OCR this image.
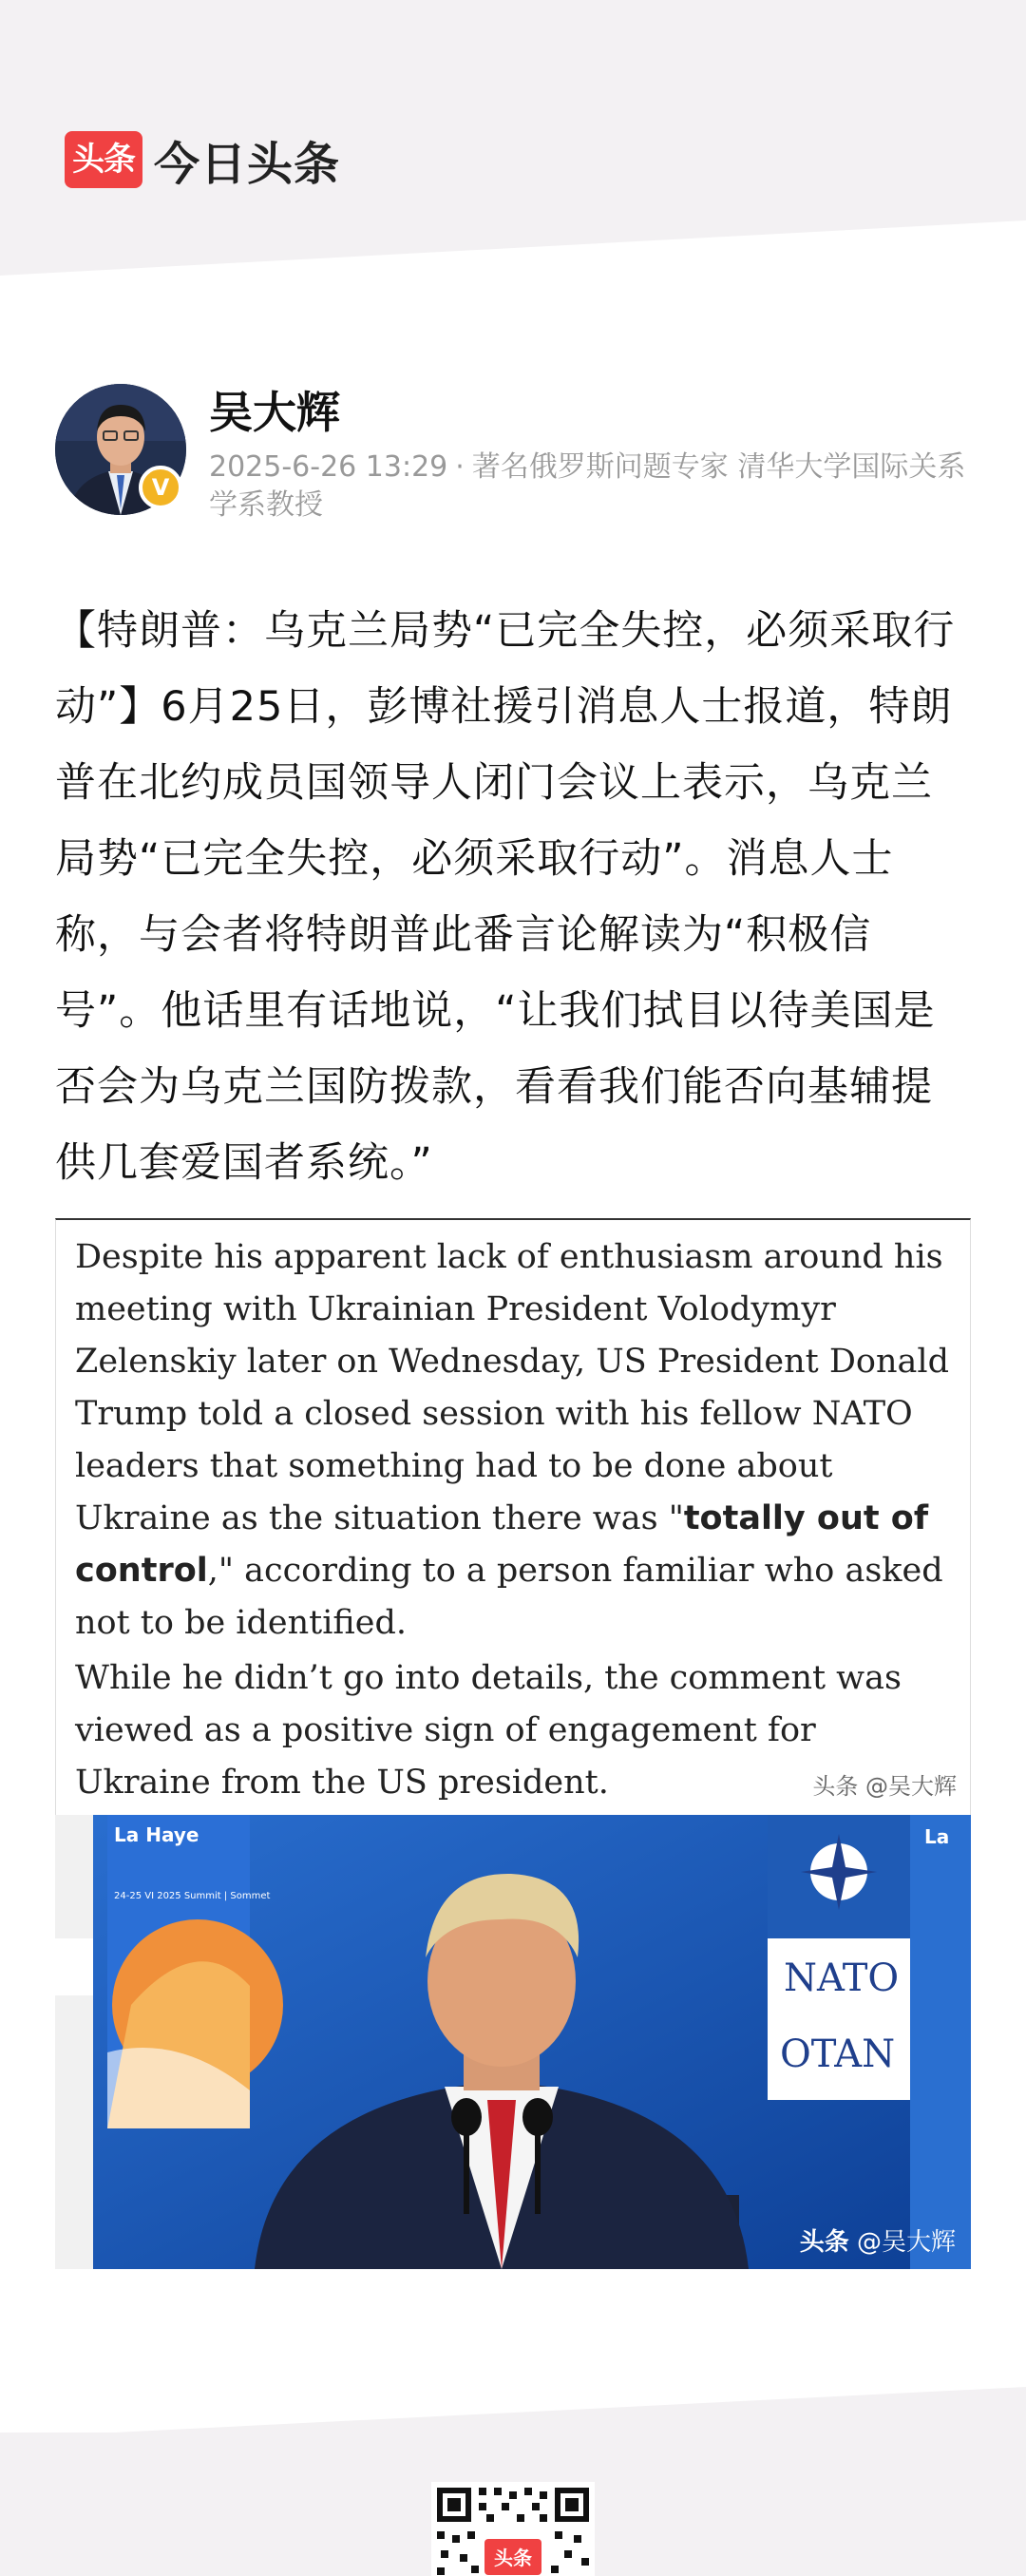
头条 今日头条
V
吴大辉
2025-6-26 13:29 · 著名俄罗斯问题专家 清华大学国际关系学系教授
【特朗普：乌克兰局势“已完全失控，必须采取行动”】6月25日，彭博社援引消息人士报道，特朗普在北约成员国领导人闭门会议上表示，乌克兰局势“已完全失控，必须采取行动”。消息人士称，与会者将特朗普此番言论解读为“积极信号”。他话里有话地说，“让我们拭目以待美国是否会为乌克兰国防拨款，看看我们能否向基辅提供几套爱国者系统。”
Despite his apparent lack of enthusiasm around his meeting with Ukrainian President Volodymyr Zelenskiy later on Wednesday, US President Donald Trump told a closed session with his fellow NATO leaders that something had to be done about Ukraine as the situation there was "totally out of control," according to a person familiar who asked not to be identified.
While he didn’t go into details, the comment was viewed as a positive sign of engagement for Ukraine from the US president.	头条 @吴大辉
La Haye
24-25 VI 2025 Summit | Sommet
NATO
OTAN
La
头条 @吴大辉
头条
